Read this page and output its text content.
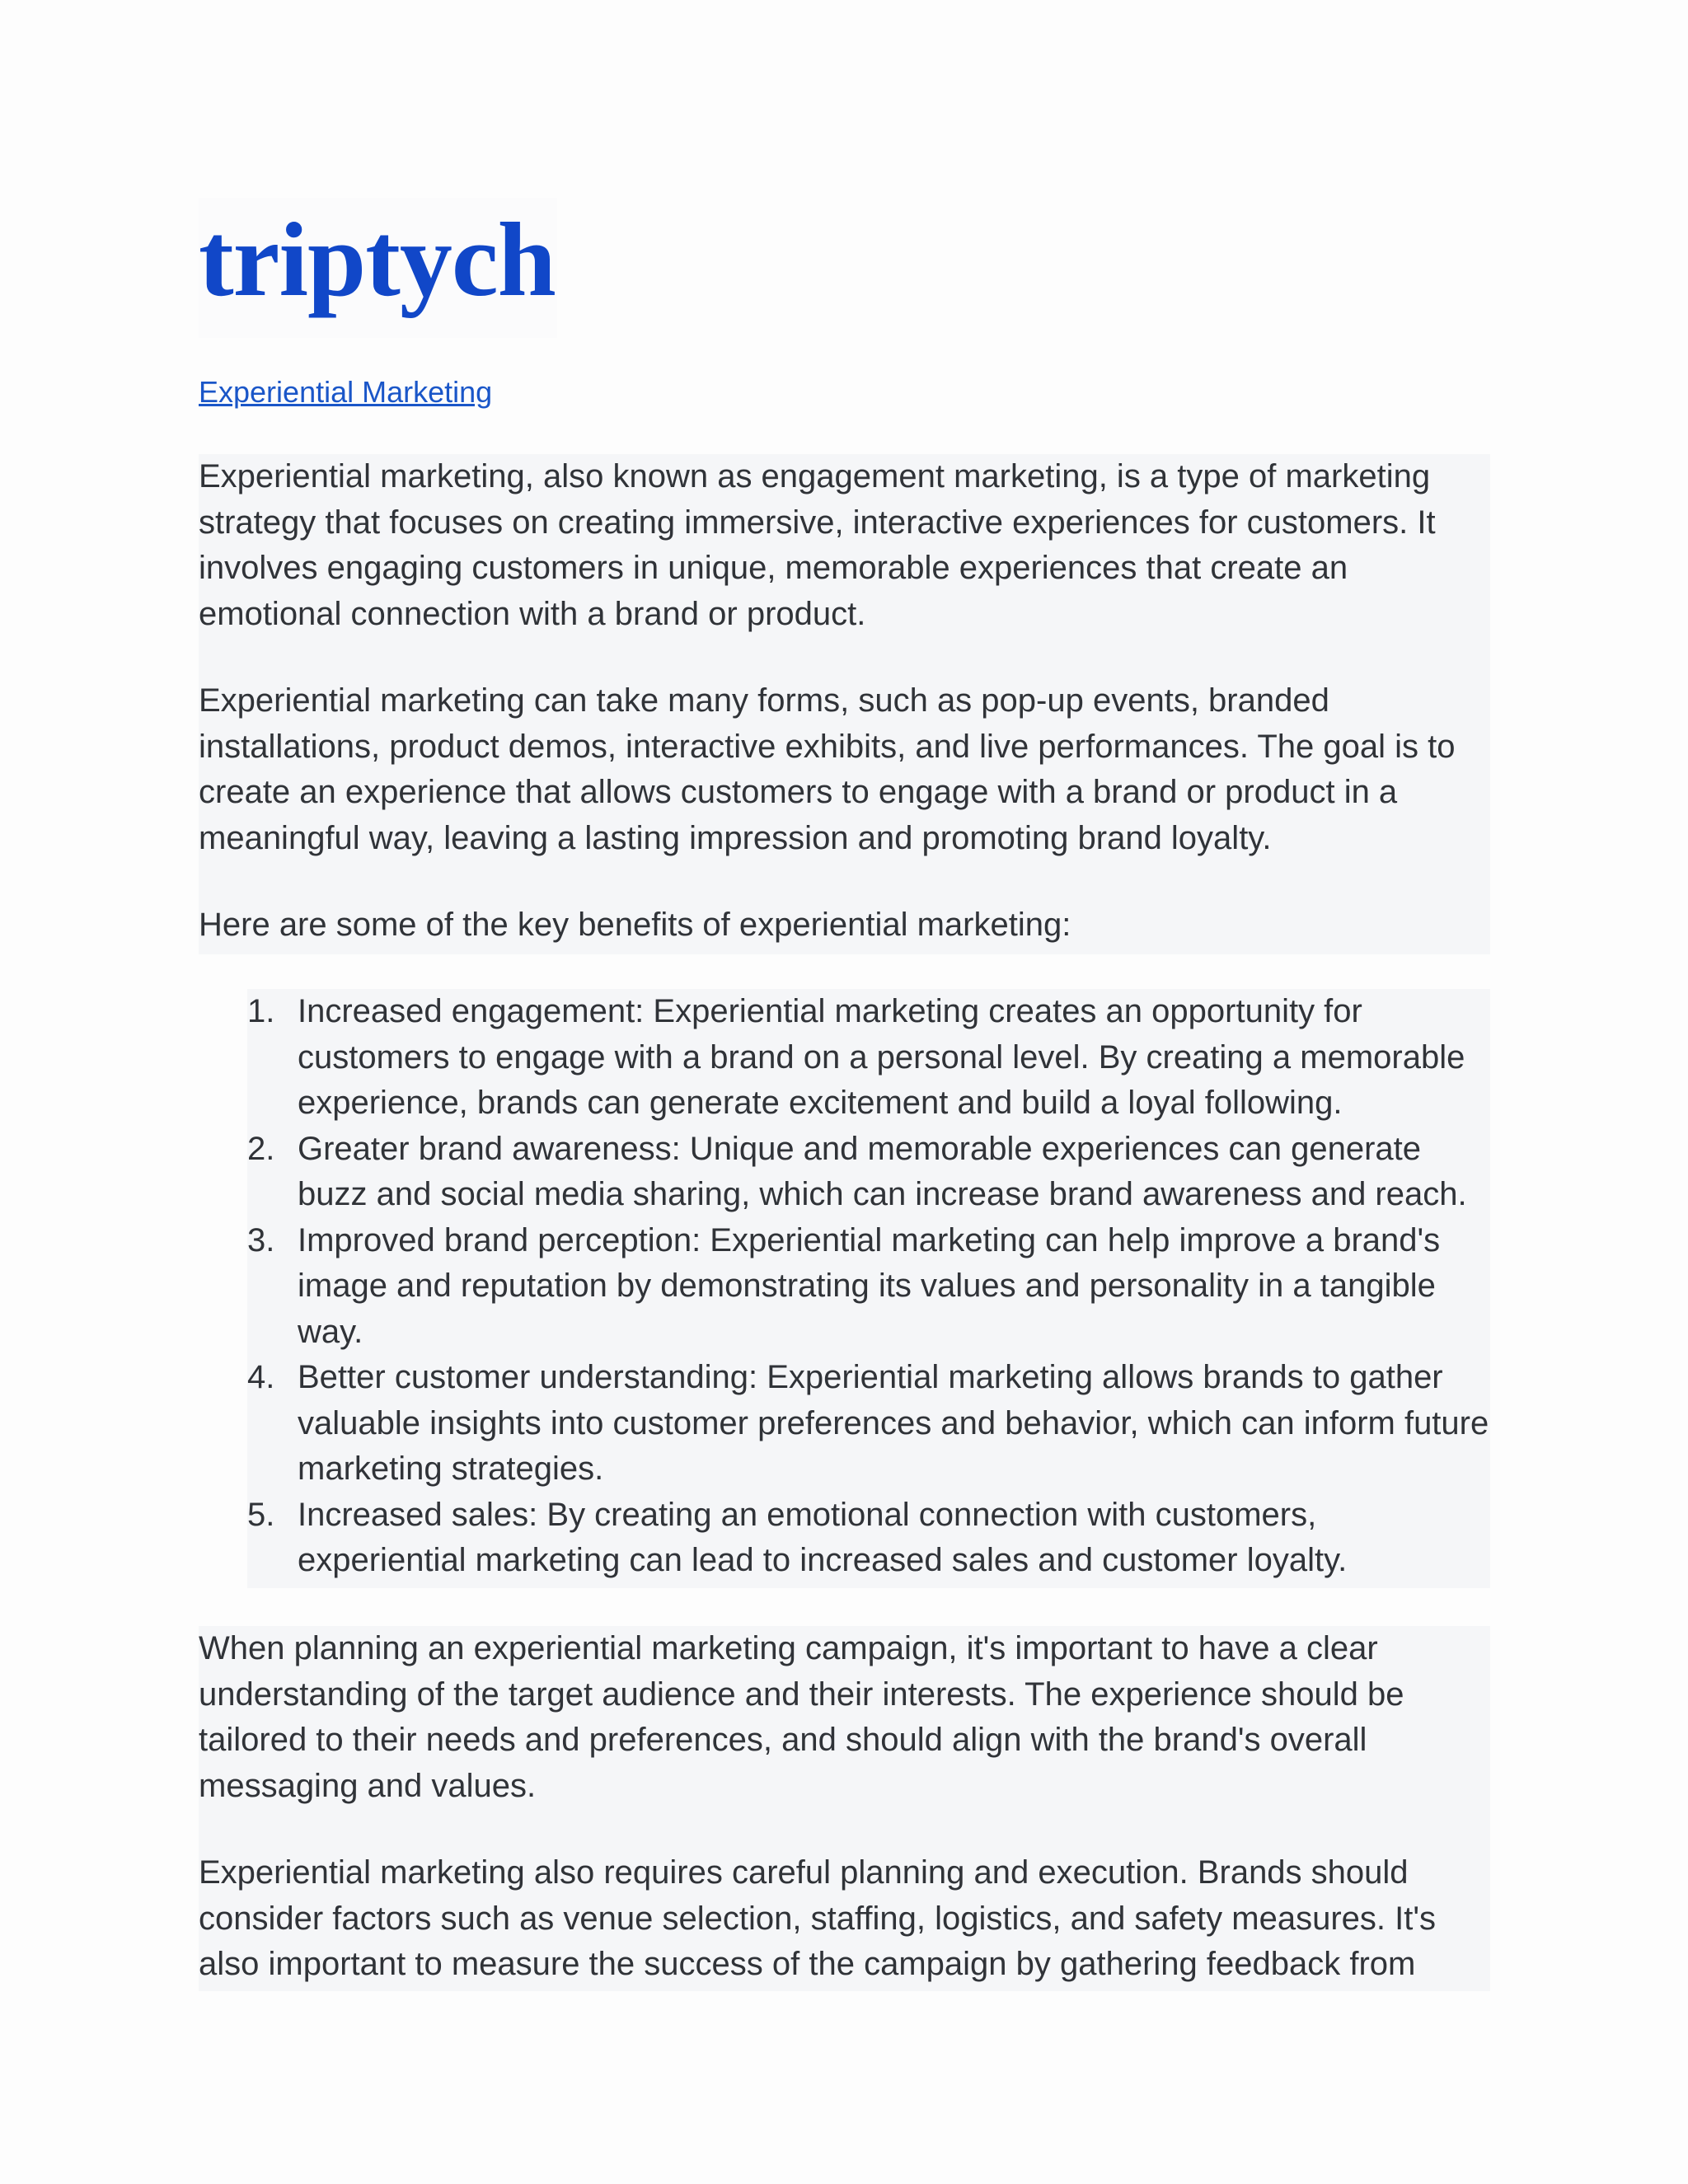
triptych
Experiential Marketing

Experiential marketing, also known as engagement marketing, is a type of marketing strategy that focuses on creating immersive, interactive experiences for customers. It involves engaging customers in unique, memorable experiences that create an emotional connection with a brand or product.

Experiential marketing can take many forms, such as pop-up events, branded installations, product demos, interactive exhibits, and live performances. The goal is to create an experience that allows customers to engage with a brand or product in a meaningful way, leaving a lasting impression and promoting brand loyalty.

Here are some of the key benefits of experiential marketing:

1. Increased engagement: Experiential marketing creates an opportunity for customers to engage with a brand on a personal level. By creating a memorable experience, brands can generate excitement and build a loyal following.
2. Greater brand awareness: Unique and memorable experiences can generate buzz and social media sharing, which can increase brand awareness and reach.
3. Improved brand perception: Experiential marketing can help improve a brand's image and reputation by demonstrating its values and personality in a tangible way.
4. Better customer understanding: Experiential marketing allows brands to gather valuable insights into customer preferences and behavior, which can inform future marketing strategies.
5. Increased sales: By creating an emotional connection with customers, experiential marketing can lead to increased sales and customer loyalty.

When planning an experiential marketing campaign, it's important to have a clear understanding of the target audience and their interests. The experience should be tailored to their needs and preferences, and should align with the brand's overall messaging and values.

Experiential marketing also requires careful planning and execution. Brands should consider factors such as venue selection, staffing, logistics, and safety measures. It's also important to measure the success of the campaign by gathering feedback from
